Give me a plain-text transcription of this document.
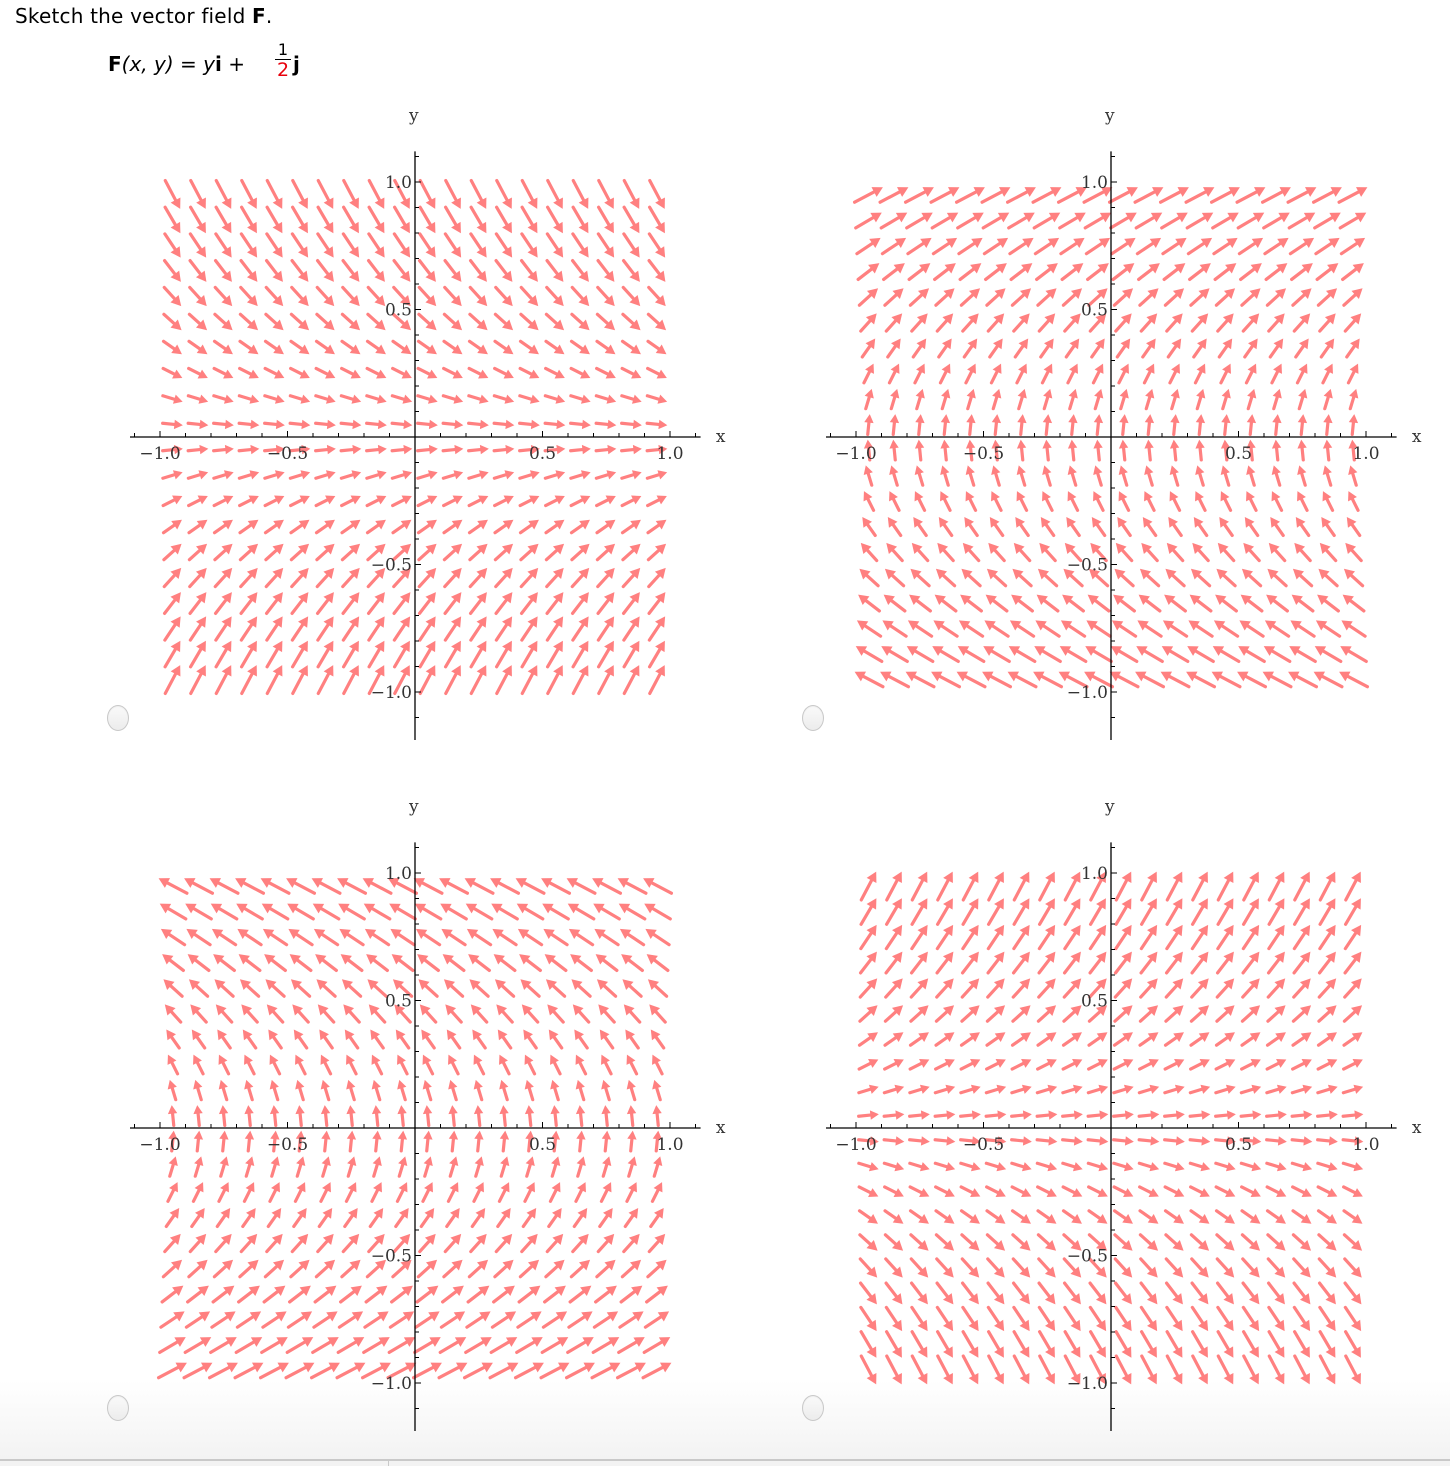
Sketch the vector field F.
F(x, y) = yi +
1
2 j
−1.0	−0.5	0.5	1.0
1.0
0.5
−0.5
−1.0
x
y
−1.0	−0.5	0.5	1.0
1.0
0.5
−0.5
−1.0
x
y
−1.0	−0.5	0.5	1.0
1.0
0.5
−0.5
−1.0
x
y
−1.0	−0.5	0.5	1.0
1.0
0.5
−0.5
−1.0
x
y
